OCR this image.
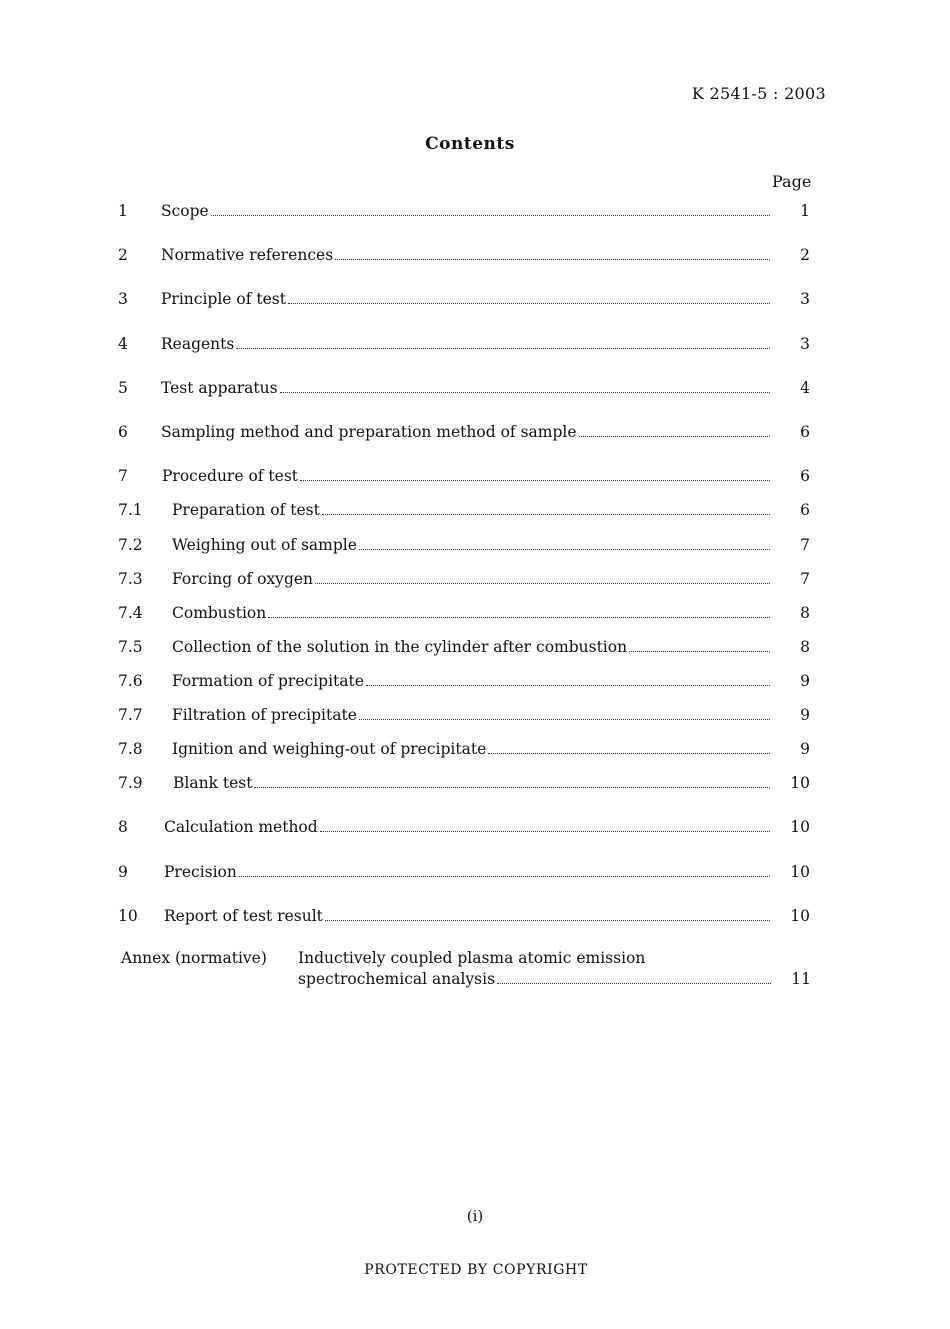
K 2541-5 : 2003
Contents
Page
1 Scope	1
2 Normative references	2
3 Principle of test	3
4 Reagents	3
5 Test apparatus	4
6 Sampling method and preparation method of sample	6
7 Procedure of test	6
7.1 Preparation of test	6
7.2 Weighing out of sample	7
7.3 Forcing of oxygen	7
7.4 Combustion	8
7.5 Collection of the solution in the cylinder after combustion	8
7.6 Formation of precipitate	9
7.7 Filtration of precipitate	9
7.8 Ignition and weighing-out of precipitate	9
7.9 Blank test	10
8 Calculation method	10
9 Precision	10
10 Report of test result	10
Annex (normative) Inductively coupled plasma atomic emission
spectrochemical analysis	11
(i)
PROTECTED BY COPYRIGHT
